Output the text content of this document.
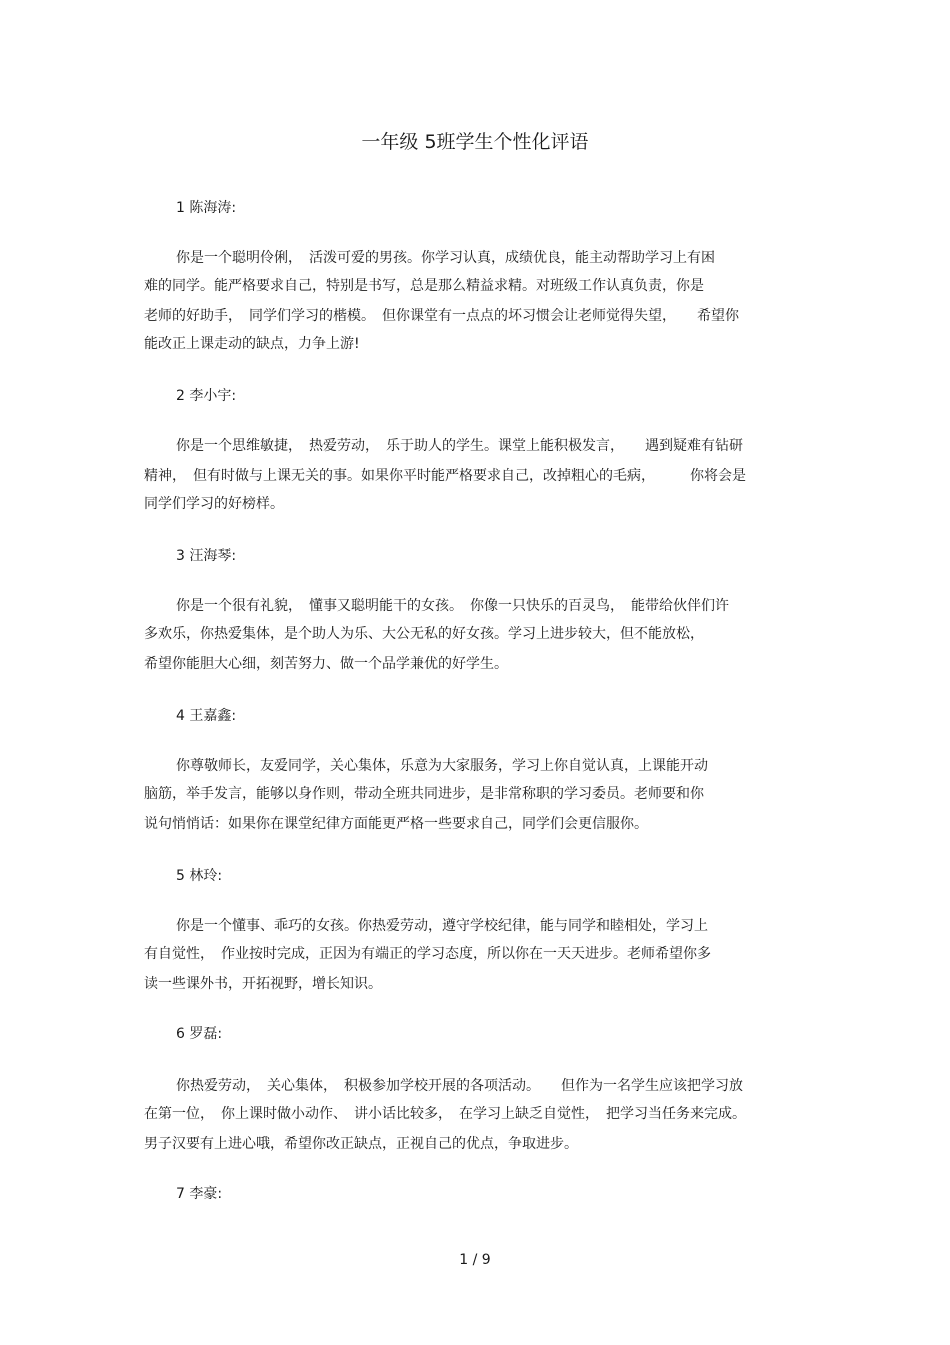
一年级 5班学生个性化评语
1 陈海涛:
你是一个聪明伶俐，　活泼可爱的男孩。你学习认真，成绩优良，能主动帮助学习上有困
难的同学。能严格要求自己，特别是书写，总是那么精益求精。对班级工作认真负责，你是
老师的好助手，　同学们学习的楷模。　但你课堂有一点点的坏习惯会让老师觉得失望，　　希望你
能改正上课走动的缺点，力争上游!
2 李小宇:
你是一个思维敏捷，　热爱劳动，　乐于助人的学生。课堂上能积极发言，　　遇到疑难有钻研
精神，　但有时做与上课无关的事。如果你平时能严格要求自己，改掉粗心的毛病，　　　你将会是
同学们学习的好榜样。
3 汪海琴:
你是一个很有礼貌，　懂事又聪明能干的女孩。　你像一只快乐的百灵鸟，　能带给伙伴们许
多欢乐，你热爱集体，是个助人为乐、大公无私的好女孩。学习上进步较大，但不能放松，
希望你能胆大心细，刻苦努力、做一个品学兼优的好学生。
4 王嘉鑫:
你尊敬师长，友爱同学，关心集体，乐意为大家服务，学习上你自觉认真，上课能开动
脑筋，举手发言，能够以身作则，带动全班共同进步，是非常称职的学习委员。老师要和你
说句悄悄话：如果你在课堂纪律方面能更严格一些要求自己，同学们会更信服你。
5 林玲:
你是一个懂事、乖巧的女孩。你热爱劳动，遵守学校纪律，能与同学和睦相处，学习上
有自觉性，　作业按时完成，正因为有端正的学习态度，所以你在一天天进步。老师希望你多
读一些课外书，开拓视野，增长知识。
6 罗磊:
你热爱劳动，　关心集体，　积极参加学校开展的各项活动。　　但作为一名学生应该把学习放
在第一位，　你上课时做小动作、　讲小话比较多，　在学习上缺乏自觉性，　把学习当任务来完成。
男子汉要有上进心哦，希望你改正缺点，正视自己的优点，争取进步。
7 李豪:
1 / 9
